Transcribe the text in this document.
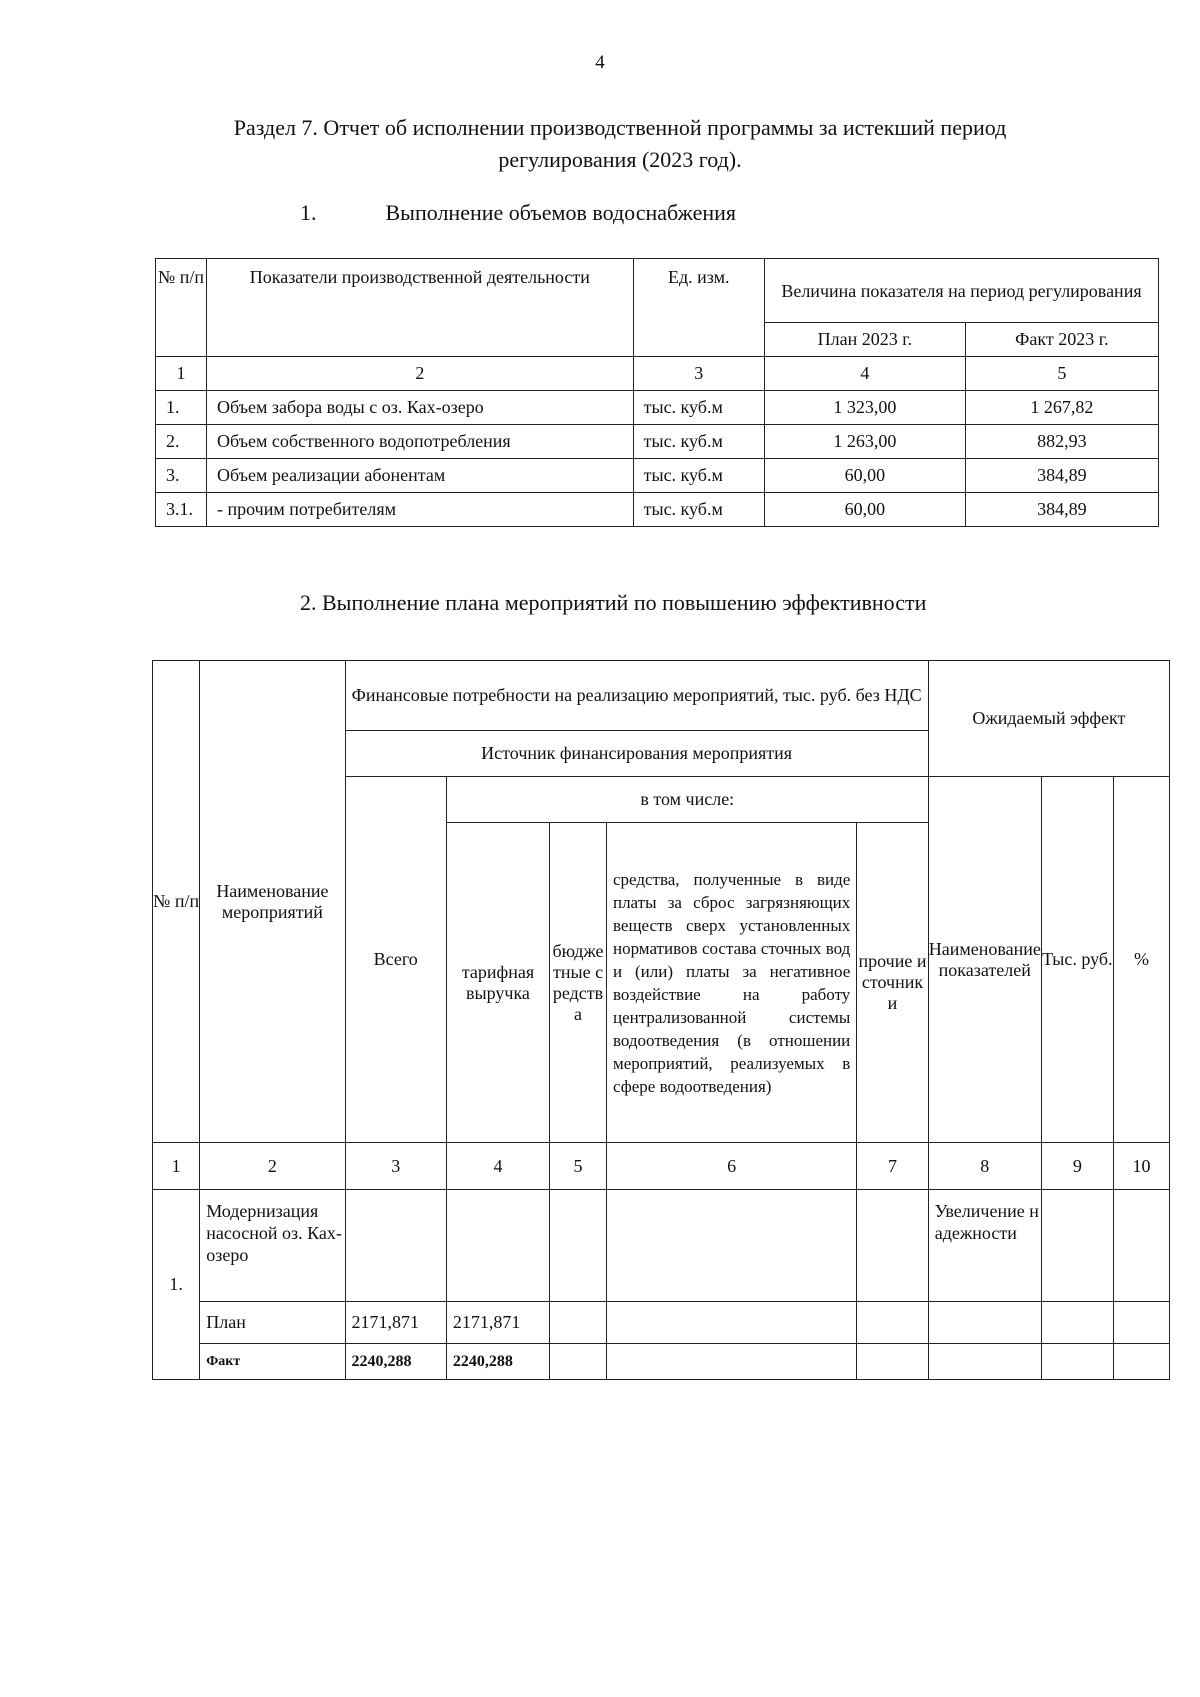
4
Раздел 7. Отчет об исполнении производственной программы за истекший период
регулирования (2023 год).
1.	Выполнение объемов водоснабжения
№ п/п	Показатели производственной деятельности	Ед. изм.	Величина показателя на период регулирования	
			План 2023 г.	Факт 2023 г.
1	2	3	4	5
1.	Объем забора воды с оз. Ках-озеро	тыс. куб.м	1 323,00	1 267,82
2.	Объем собственного водопотребления	тыс. куб.м	1 263,00	882,93
3.	Объем реализации абонентам	тыс. куб.м	60,00	384,89
3.1.	- прочим потребителям	тыс. куб.м	60,00	384,89
2. Выполнение плана мероприятий по повышению эффективности
№ п/п	Наименование мероприятий	Финансовые потребности на реализацию мероприятий, тыс. руб. без НДС					Ожидаемый эффект		
		Источник финансирования мероприятия							
		Всего	в том числе:				Наименование показателей	Тыс. руб.	%
			тарифная выручка	бюджетные средства	средства, полученные в виде платы за сброс загрязняющих веществ сверх установленных нормативов состава сточных вод и (или) платы за негативное воздействие на работу централизованной системы водоотведения (в отношении мероприятий, реализуемых в сфере водоотведения)	прочие источники			

1	2	3	4	5	6	7	8	9	10
1.	Модернизация насосной оз. Ках-озеро						Увеличение надежности		
	План	2171,871	2171,871						
	Факт	2240,288	2240,288						
